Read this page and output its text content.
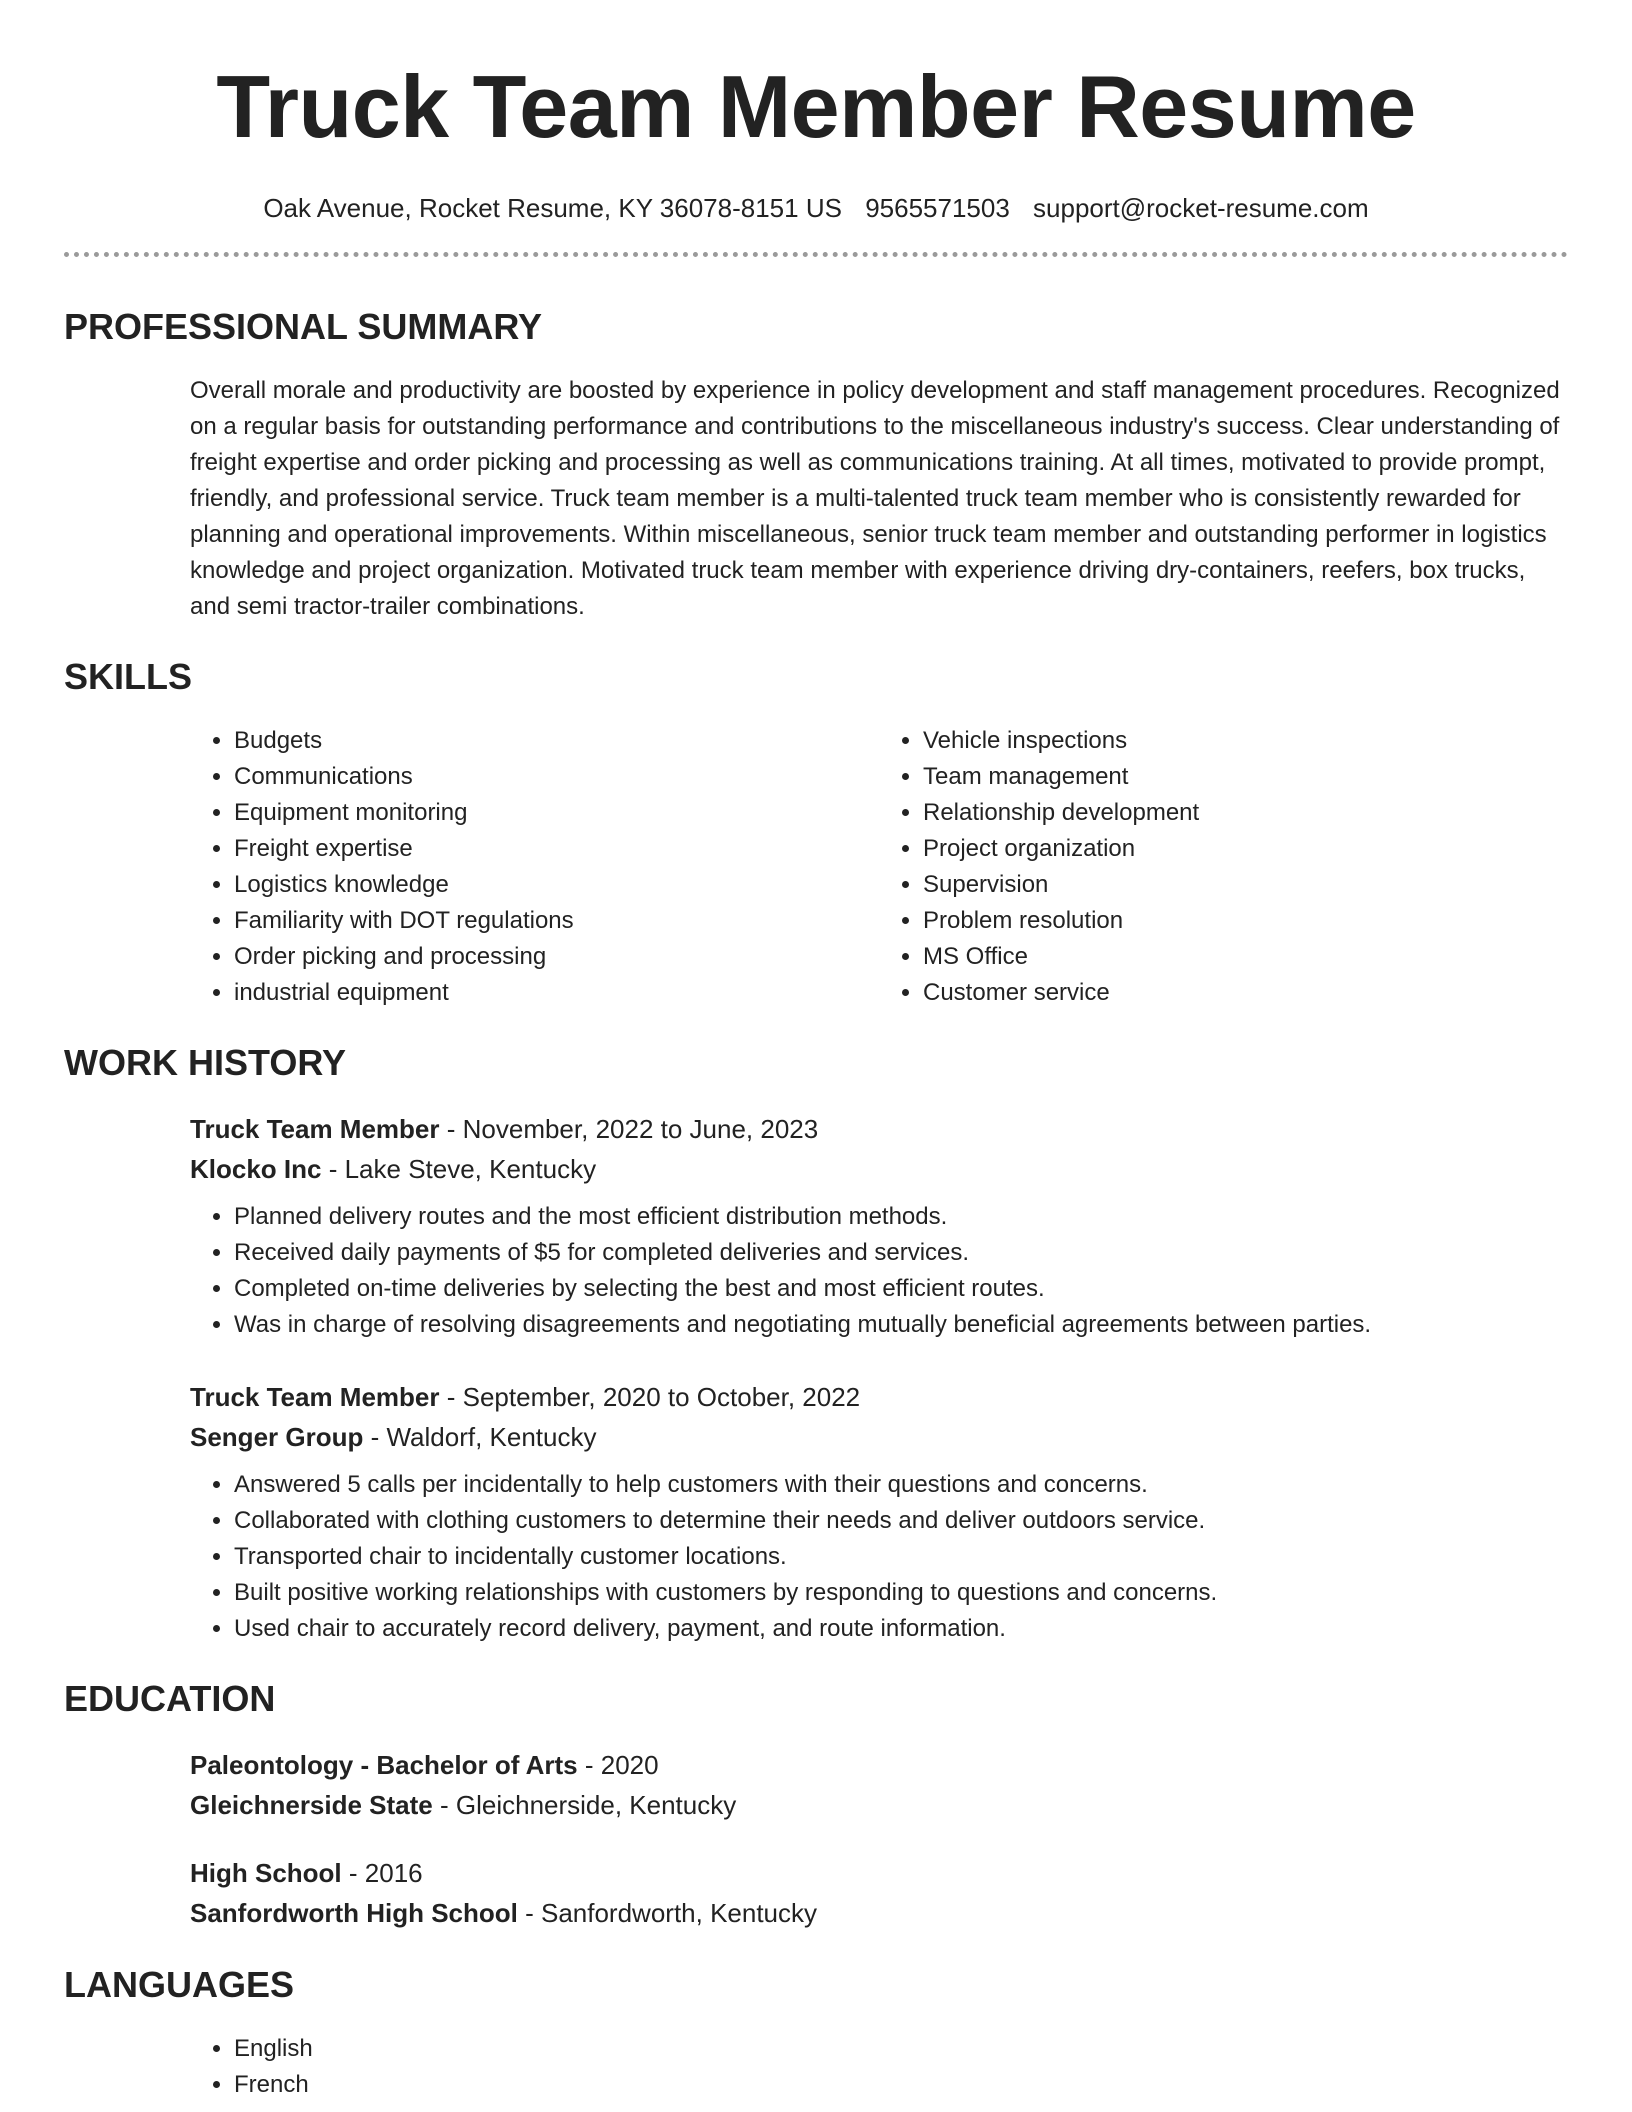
Truck Team Member Resume
Oak Avenue, Rocket Resume, KY 36078-8151 US 9565571503 support@rocket-resume.com
PROFESSIONAL SUMMARY

Overall morale and productivity are boosted by experience in policy development and staff management procedures. Recognized on a regular basis for outstanding performance and contributions to the miscellaneous industry's success. Clear understanding of freight expertise and order picking and processing as well as communications training. At all times, motivated to provide prompt, friendly, and professional service. Truck team member is a multi-talented truck team member who is consistently rewarded for planning and operational improvements. Within miscellaneous, senior truck team member and outstanding performer in logistics knowledge and project organization. Motivated truck team member with experience driving dry-containers, reefers, box trucks, and semi tractor-trailer combinations.

SKILLS
• Budgets
• Communications
• Equipment monitoring
• Freight expertise
• Logistics knowledge
• Familiarity with DOT regulations
• Order picking and processing
• industrial equipment
• Vehicle inspections
• Team management
• Relationship development
• Project organization
• Supervision
• Problem resolution
• MS Office
• Customer service
WORK HISTORY
Truck Team Member - November, 2022 to June, 2023
Klocko Inc - Lake Steve, Kentucky
• Planned delivery routes and the most efficient distribution methods.
• Received daily payments of $5 for completed deliveries and services.
• Completed on-time deliveries by selecting the best and most efficient routes.
• Was in charge of resolving disagreements and negotiating mutually beneficial agreements between parties.
Truck Team Member - September, 2020 to October, 2022
Senger Group - Waldorf, Kentucky
• Answered 5 calls per incidentally to help customers with their questions and concerns.
• Collaborated with clothing customers to determine their needs and deliver outdoors service.
• Transported chair to incidentally customer locations.
• Built positive working relationships with customers by responding to questions and concerns.
• Used chair to accurately record delivery, payment, and route information.
EDUCATION
Paleontology - Bachelor of Arts - 2020
Gleichnerside State - Gleichnerside, Kentucky
High School - 2016
Sanfordworth High School - Sanfordworth, Kentucky
LANGUAGES
• English
• French
